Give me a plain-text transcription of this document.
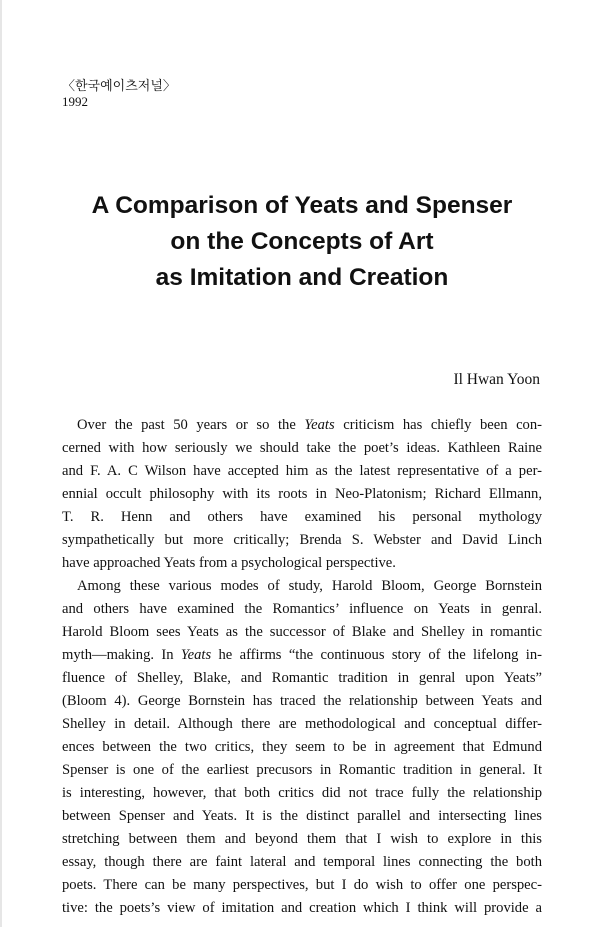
〈한국예이츠저널〉
1992
A Comparison of Yeats and Spenser
on the Concepts of Art
as Imitation and Creation
Il Hwan Yoon
Over the past 50 years or so the Yeats criticism has chiefly been con-
cerned with how seriously we should take the poet’s ideas. Kathleen Raine
and F. A. C Wilson have accepted him as the latest representative of a per-
ennial occult philosophy with its roots in Neo-Platonism; Richard Ellmann,
T. R. Henn and others have examined his personal mythology
sympathetically but more critically; Brenda S. Webster and David Linch
have approached Yeats from a psychological perspective.
Among these various modes of study, Harold Bloom, George Bornstein
and others have examined the Romantics’ influence on Yeats in genral.
Harold Bloom sees Yeats as the successor of Blake and Shelley in romantic
myth—making. In Yeats he affirms “the continuous story of the lifelong in-
fluence of Shelley, Blake, and Romantic tradition in genral upon Yeats”
(Bloom 4). George Bornstein has traced the relationship between Yeats and
Shelley in detail. Although there are methodological and conceptual differ-
ences between the two critics, they seem to be in agreement that Edmund
Spenser is one of the earliest precusors in Romantic tradition in general. It
is interesting, however, that both critics did not trace fully the relationship
between Spenser and Yeats. It is the distinct parallel and intersecting lines
stretching between them and beyond them that I wish to explore in this
essay, though there are faint lateral and temporal lines connecting the both
poets. There can be many perspectives, but I do wish to offer one perspec-
tive: the poets’s view of imitation and creation which I think will provide a
